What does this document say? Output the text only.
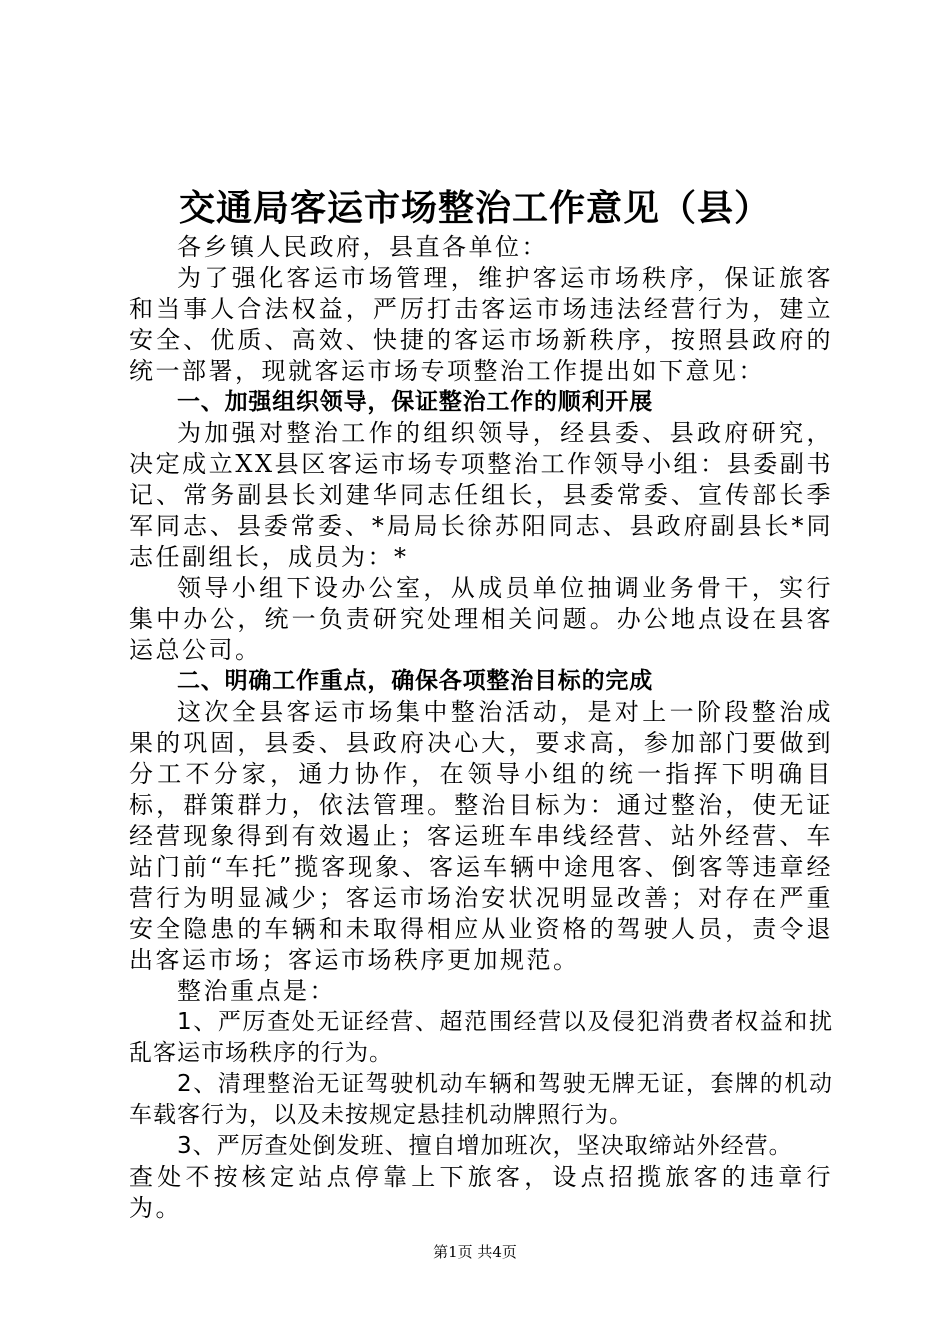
交通局客运市场整治工作意见（县）

各乡镇人民政府，县直各单位：

为了强化客运市场管理，维护客运市场秩序，保证旅客和当事人合法权益，严厉打击客运市场违法经营行为，建立安全、优质、高效、快捷的客运市场新秩序，按照县政府的统一部署，现就客运市场专项整治工作提出如下意见：

一、加强组织领导，保证整治工作的顺利开展

为加强对整治工作的组织领导，经县委、县政府研究，决定成立XX县区客运市场专项整治工作领导小组：县委副书记、常务副县长刘建华同志任组长，县委常委、宣传部长季军同志、县委常委、*局局长徐苏阳同志、县政府副县长*同志任副组长，成员为：*

领导小组下设办公室，从成员单位抽调业务骨干，实行集中办公，统一负责研究处理相关问题。办公地点设在县客运总公司。

二、明确工作重点，确保各项整治目标的完成

这次全县客运市场集中整治活动，是对上一阶段整治成果的巩固，县委、县政府决心大，要求高，参加部门要做到分工不分家，通力协作，在领导小组的统一指挥下明确目标，群策群力，依法管理。整治目标为：通过整治，使无证经营现象得到有效遏止；客运班车串线经营、站外经营、车站门前“车托”揽客现象、客运车辆中途甩客、倒客等违章经营行为明显减少；客运市场治安状况明显改善；对存在严重安全隐患的车辆和未取得相应从业资格的驾驶人员，责令退出客运市场；客运市场秩序更加规范。

整治重点是：

1、严厉查处无证经营、超范围经营以及侵犯消费者权益和扰乱客运市场秩序的行为。

2、清理整治无证驾驶机动车辆和驾驶无牌无证，套牌的机动车载客行为，以及未按规定悬挂机动牌照行为。

3、严厉查处倒发班、擅自增加班次，坚决取缔站外经营。

查处不按核定站点停靠上下旅客，设点招揽旅客的违章行为。

第1页 共4页
